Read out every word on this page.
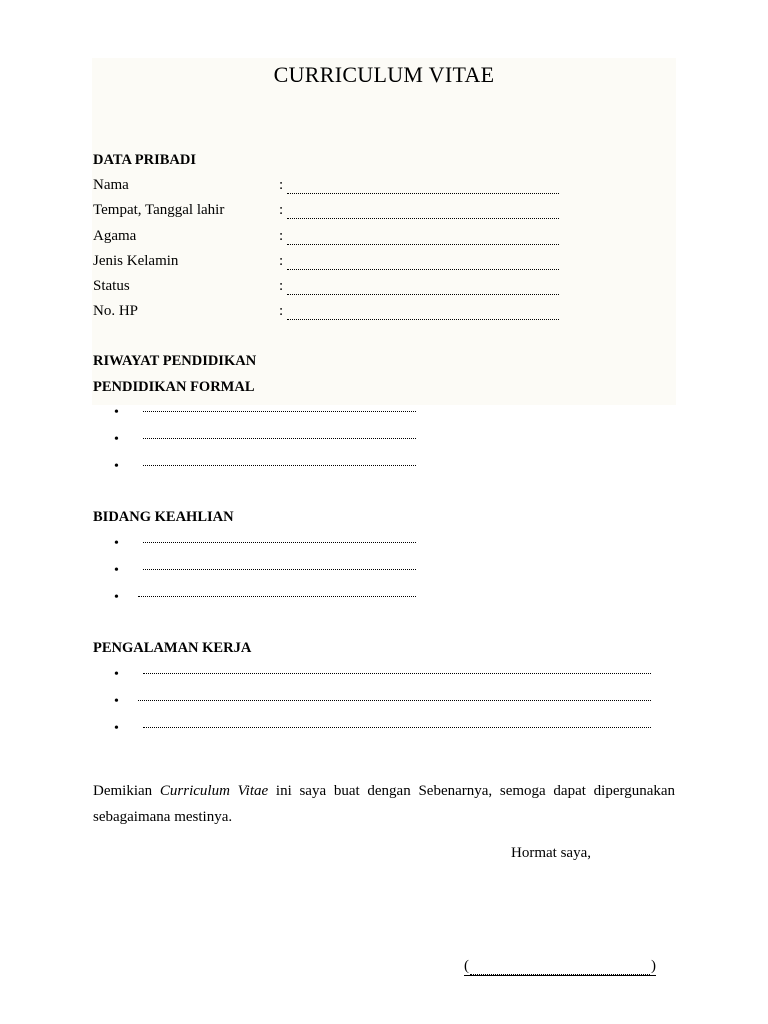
CURRICULUM VITAE
DATA PRIBADI
Nama	:
Tempat, Tanggal lahir	:
Agama	:
Jenis Kelamin	:
Status	:
No. HP	:
RIWAYAT PENDIDIKAN
PENDIDIKAN FORMAL
•
•
•
BIDANG KEAHLIAN
•
•
•
PENGALAMAN KERJA
•
•
•
Demikian Curriculum Vitae ini saya buat dengan Sebenarnya, semoga dapat dipergunakan
sebagaimana mestinya.
Hormat saya,
(	)
